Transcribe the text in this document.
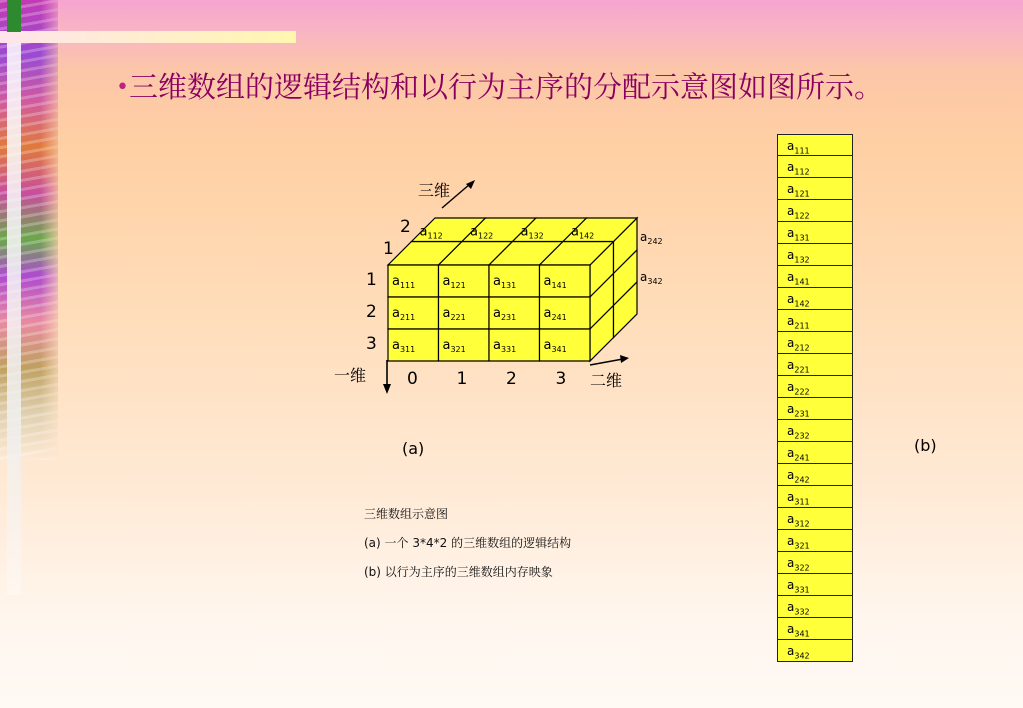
•三维数组的逻辑结构和以行为主序的分配示意图如图所示。
三维
一维	二维
$a_{111}$ $a_{121}$ $a_{131}$ $a_{141}$
$a_{211}$ $a_{221}$ $a_{231}$ $a_{241}$
$a_{311}$ $a_{321}$ $a_{331}$ $a_{341}$
$a_{112}$ $a_{122}$ $a_{132}$ $a_{142}$	$a_{242}$
$a_{342}$
1
2
3
0 1 2 3
2
1
(a)	(b)
$a_{111}$
$a_{112}$
$a_{121}$
$a_{122}$
$a_{131}$
$a_{132}$
$a_{141}$
$a_{142}$
$a_{211}$
$a_{212}$
$a_{221}$
$a_{222}$
$a_{231}$
$a_{232}$
$a_{241}$
$a_{242}$
$a_{311}$
$a_{312}$
$a_{321}$
$a_{322}$
$a_{331}$
$a_{332}$
$a_{341}$
$a_{342}$
三维数组示意图
(a) 一个 3*4*2 的三维数组的逻辑结构
(b) 以行为主序的三维数组内存映象
